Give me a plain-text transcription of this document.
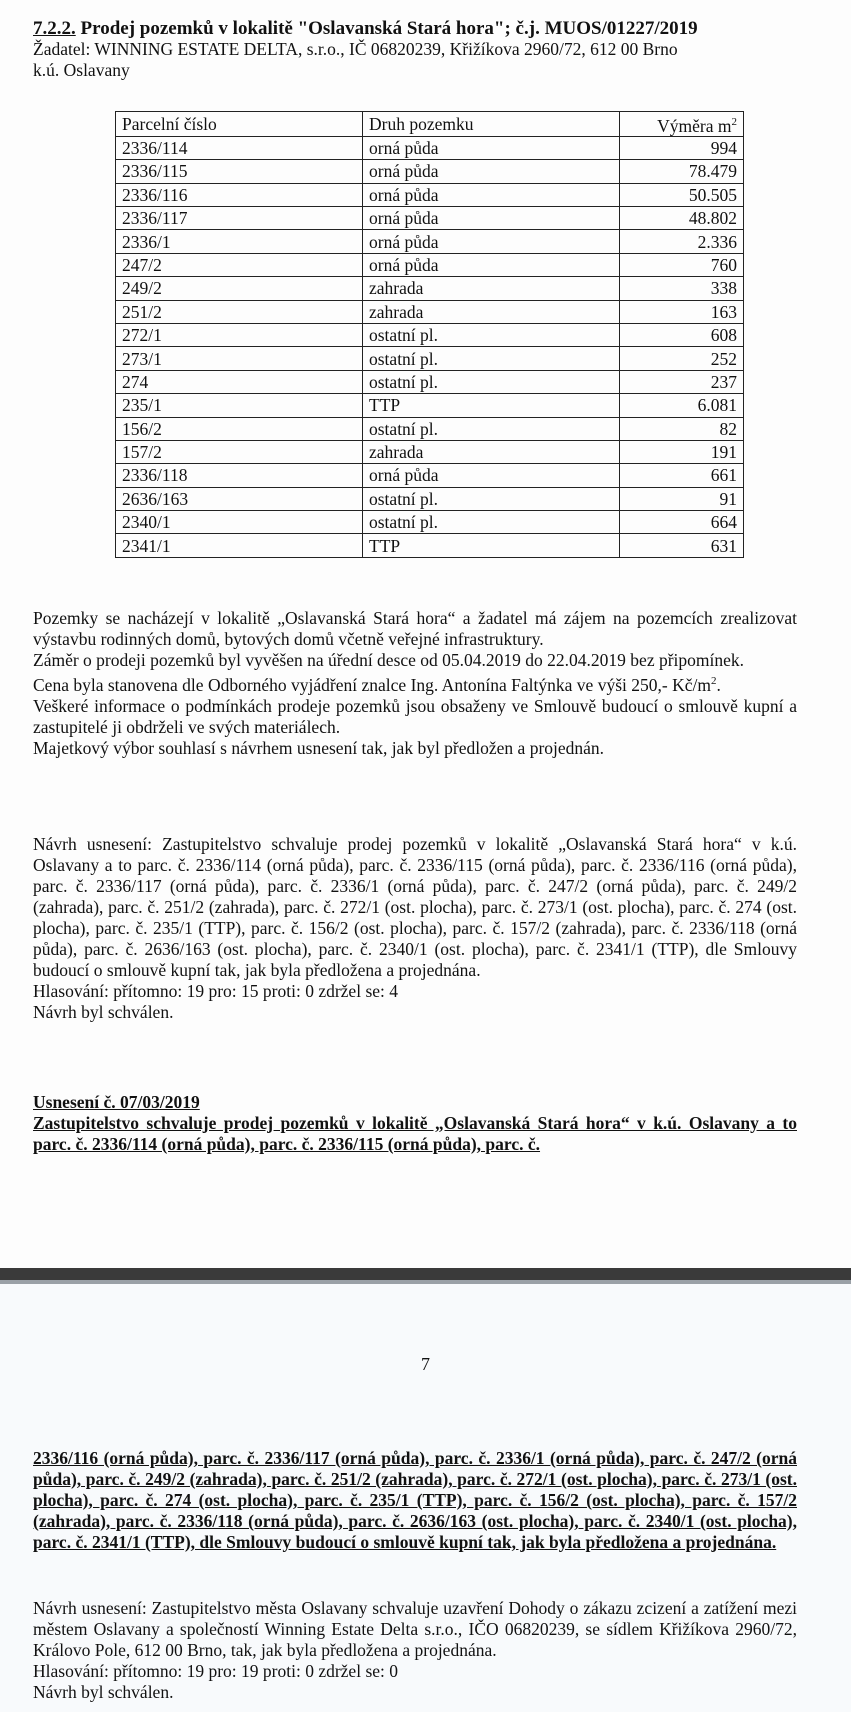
7.2.2. Prodej pozemků v lokalitě "Oslavanská Stará hora"; č.j. MUOS/01227/2019
Žadatel: WINNING ESTATE DELTA, s.r.o., IČ 06820239, Křižíkova 2960/72, 612 00 Brno
k.ú. Oslavany
Parcelní číslo	Druh pozemku	Výměra $m^2$
2336/114	orná půda	994
2336/115	orná půda	78.479
2336/116	orná půda	50.505
2336/117	orná půda	48.802
2336/1	orná půda	2.336
247/2	orná půda	760
249/2	zahrada	338
251/2	zahrada	163
272/1	ostatní pl.	608
273/1	ostatní pl.	252
274	ostatní pl.	237
235/1	TTP	6.081
156/2	ostatní pl.	82
157/2	zahrada	191
2336/118	orná půda	661
2636/163	ostatní pl.	91
2340/1	ostatní pl.	664
2341/1	TTP	631
Pozemky se nacházejí v lokalitě „Oslavanská Stará hora“ a žadatel má zájem na pozemcích zrealizovat výstavbu rodinných domů, bytových domů včetně veřejné infrastruktury.
Záměr o prodeji pozemků byl vyvěšen na úřední desce od 05.04.2019 do 22.04.2019 bez připomínek.
Cena byla stanovena dle Odborného vyjádření znalce Ing. Antonína Faltýnka ve výši 250,- $Kč/m^2$.
Veškeré informace o podmínkách prodeje pozemků jsou obsaženy ve Smlouvě budoucí o smlouvě kupní a zastupitelé ji obdrželi ve svých materiálech.
Majetkový výbor souhlasí s návrhem usnesení tak, jak byl předložen a projednán.
Návrh usnesení: Zastupitelstvo schvaluje prodej pozemků v lokalitě „Oslavanská Stará hora“ v k.ú. Oslavany a to parc. č. 2336/114 (orná půda), parc. č. 2336/115 (orná půda), parc. č. 2336/116 (orná půda), parc. č. 2336/117 (orná půda), parc. č. 2336/1 (orná půda), parc. č. 247/2 (orná půda), parc. č. 249/2 (zahrada), parc. č. 251/2 (zahrada), parc. č. 272/1 (ost. plocha), parc. č. 273/1 (ost. plocha), parc. č. 274 (ost. plocha), parc. č. 235/1 (TTP), parc. č. 156/2 (ost. plocha), parc. č. 157/2 (zahrada), parc. č. 2336/118 (orná půda), parc. č. 2636/163 (ost. plocha), parc. č. 2340/1 (ost. plocha), parc. č. 2341/1 (TTP), dle Smlouvy budoucí o smlouvě kupní tak, jak byla předložena a projednána.
Hlasování: přítomno: 19 pro: 15 proti: 0 zdržel se: 4
Návrh byl schválen.
Usnesení č. 07/03/2019
Zastupitelstvo schvaluje prodej pozemků v lokalitě „Oslavanská Stará hora“ v k.ú. Oslavany a to parc. č. 2336/114 (orná půda), parc. č. 2336/115 (orná půda), parc. č.
7
2336/116 (orná půda), parc. č. 2336/117 (orná půda), parc. č. 2336/1 (orná půda), parc. č. 247/2 (orná půda), parc. č. 249/2 (zahrada), parc. č. 251/2 (zahrada), parc. č. 272/1 (ost. plocha), parc. č. 273/1 (ost. plocha), parc. č. 274 (ost. plocha), parc. č. 235/1 (TTP), parc. č. 156/2 (ost. plocha), parc. č. 157/2 (zahrada), parc. č. 2336/118 (orná půda), parc. č. 2636/163 (ost. plocha), parc. č. 2340/1 (ost. plocha), parc. č. 2341/1 (TTP), dle Smlouvy budoucí o smlouvě kupní tak, jak byla předložena a projednána.
Návrh usnesení: Zastupitelstvo města Oslavany schvaluje uzavření Dohody o zákazu zcizení a zatížení mezi městem Oslavany a společností Winning Estate Delta s.r.o., IČO 06820239, se sídlem Křižíkova 2960/72, Královo Pole, 612 00 Brno, tak, jak byla předložena a projednána.
Hlasování: přítomno: 19 pro: 19 proti: 0 zdržel se: 0
Návrh byl schválen.
